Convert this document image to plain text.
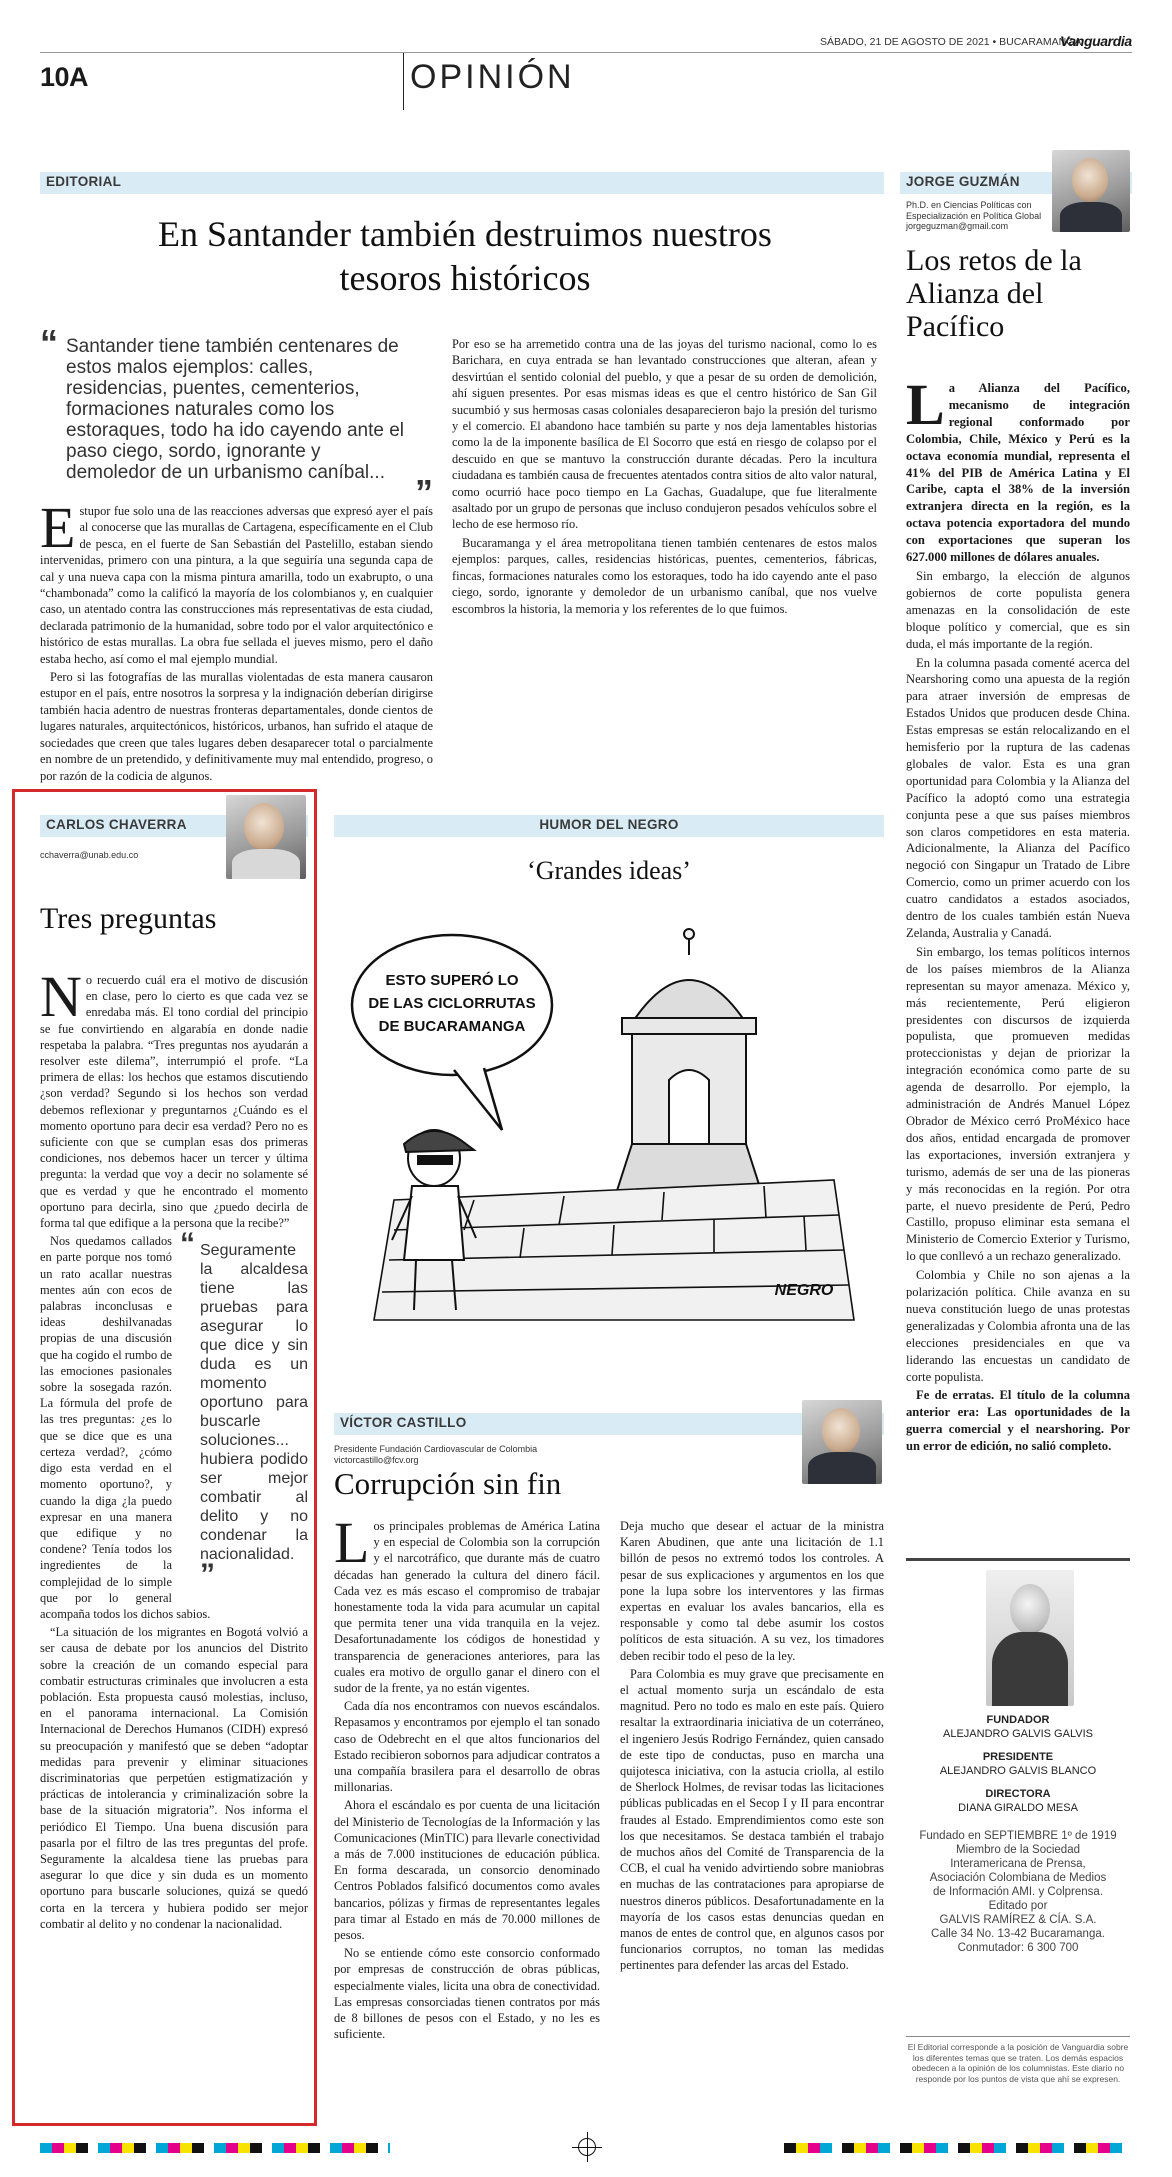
10A	OPINIÓN
SÁBADO, 21 DE AGOSTO DE 2021 • BUCARAMANGA
Vanguardia
EDITORIAL
En Santander también destruimos nuestros tesoros históricos
“ Santander tiene también centenares de estos malos ejemplos: calles, residencias, puentes, cementerios, formaciones naturales como los estoraques, todo ha ido cayendo ante el paso ciego, sordo, ignorante y demoledor de un urbanismo caníbal... ”

Estupor fue solo una de las reacciones adversas que expresó ayer el país al conocerse que las murallas de Cartagena, específicamente en el Club de pesca, en el fuerte de San Sebastián del Pastelillo, estaban siendo intervenidas, primero con una pintura, a la que seguiría una segunda capa de cal y una nueva capa con la misma pintura amarilla, todo un exabrupto, o una “chambonada” como la calificó la mayoría de los colombianos y, en cualquier caso, un atentado contra las construcciones más representativas de esta ciudad, declarada patrimonio de la humanidad, sobre todo por el valor arquitectónico e histórico de estas murallas. La obra fue sellada el jueves mismo, pero el daño estaba hecho, así como el mal ejemplo mundial.

Pero si las fotografías de las murallas violentadas de esta manera causaron estupor en el país, entre nosotros la sorpresa y la indignación deberían dirigirse también hacia adentro de nuestras fronteras departamentales, donde cientos de lugares naturales, arquitectónicos, históricos, urbanos, han sufrido el ataque de sociedades que creen que tales lugares deben desaparecer total o parcialmente en nombre de un pretendido, y definitivamente muy mal entendido, progreso, o por razón de la codicia de algunos.

Por eso se ha arremetido contra una de las joyas del turismo nacional, como lo es Barichara, en cuya entrada se han levantado construcciones que alteran, afean y desvirtúan el sentido colonial del pueblo, y que a pesar de su orden de demolición, ahí siguen presentes. Por esas mismas ideas es que el centro histórico de San Gil sucumbió y sus hermosas casas coloniales desaparecieron bajo la presión del turismo y el comercio. El abandono hace también su parte y nos deja lamentables historias como la de la imponente basílica de El Socorro que está en riesgo de colapso por el descuido en que se mantuvo la construcción durante décadas. Pero la incultura ciudadana es también causa de frecuentes atentados contra sitios de alto valor natural, como ocurrió hace poco tiempo en La Gachas, Guadalupe, que fue literalmente asaltado por un grupo de personas que incluso condujeron pesados vehículos sobre el lecho de ese hermoso río.

Bucaramanga y el área metropolitana tienen también centenares de estos malos ejemplos: parques, calles, residencias históricas, puentes, cementerios, fábricas, fincas, formaciones naturales como los estoraques, todo ha ido cayendo ante el paso ciego, sordo, ignorante y demoledor de un urbanismo caníbal, que nos vuelve escombros la historia, la memoria y los referentes de lo que fuimos.

JORGE GUZMÁN
Ph.D. en Ciencias Políticas con Especialización en Política Global
jorgeguzman@gmail.com
Los retos de la Alianza del Pacífico

La Alianza del Pacífico, mecanismo de integración regional conformado por Colombia, Chile, México y Perú es la octava economía mundial, representa el 41% del PIB de América Latina y El Caribe, capta el 38% de la inversión extranjera directa en la región, es la octava potencia exportadora del mundo con exportaciones que superan los 627.000 millones de dólares anuales.

Sin embargo, la elección de algunos gobiernos de corte populista genera amenazas en la consolidación de este bloque político y comercial, que es sin duda, el más importante de la región.

En la columna pasada comenté acerca del Nearshoring como una apuesta de la región para atraer inversión de empresas de Estados Unidos que producen desde China. Estas empresas se están relocalizando en el hemisferio por la ruptura de las cadenas globales de valor. Esta es una gran oportunidad para Colombia y la Alianza del Pacífico la adoptó como una estrategia conjunta pese a que sus países miembros son claros competidores en esta materia. Adicionalmente, la Alianza del Pacífico negoció con Singapur un Tratado de Libre Comercio, como un primer acuerdo con los cuatro candidatos a estados asociados, dentro de los cuales también están Nueva Zelanda, Australia y Canadá.

Sin embargo, los temas políticos internos de los países miembros de la Alianza representan su mayor amenaza. México y, más recientemente, Perú eligieron presidentes con discursos de izquierda populista, que promueven medidas proteccionistas y dejan de priorizar la integración económica como parte de su agenda de desarrollo. Por ejemplo, la administración de Andrés Manuel López Obrador de México cerró ProMéxico hace dos años, entidad encargada de promover las exportaciones, inversión extranjera y turismo, además de ser una de las pioneras y más reconocidas en la región. Por otra parte, el nuevo presidente de Perú, Pedro Castillo, propuso eliminar esta semana el Ministerio de Comercio Exterior y Turismo, lo que conllevó a un rechazo generalizado.

Colombia y Chile no son ajenas a la polarización política. Chile avanza en su nueva constitución luego de unas protestas generalizadas y Colombia afronta una de las elecciones presidenciales en que va liderando las encuestas un candidato de corte populista.

Fe de erratas. El título de la columna anterior era: Las oportunidades de la guerra comercial y el nearshoring. Por un error de edición, no salió completo.

CARLOS CHAVERRA
cchaverra@unab.edu.co
Tres preguntas

No recuerdo cuál era el motivo de discusión en clase, pero lo cierto es que cada vez se enredaba más. El tono cordial del principio se fue convirtiendo en algarabía en donde nadie respetaba la palabra. “Tres preguntas nos ayudarán a resolver este dilema”, interrumpió el profe. “La primera de ellas: los hechos que estamos discutiendo ¿son verdad? Segundo si los hechos son verdad debemos reflexionar y preguntarnos ¿Cuándo es el momento oportuno para decir esa verdad? Pero no es suficiente con que se cumplan esas dos primeras condiciones, nos debemos hacer un tercer y última pregunta: la verdad que voy a decir no solamente sé que es verdad y que he encontrado el momento oportuno para decirla, sino que ¿puedo decirla de forma tal que edifique a la persona que la recibe?”

“ Seguramente la alcaldesa tiene las pruebas para asegurar lo que dice y sin duda es un momento oportuno para buscarle soluciones... hubiera podido ser mejor combatir al delito y no condenar la nacionalidad. ”

Nos quedamos callados en parte porque nos tomó un rato acallar nuestras mentes aún con ecos de palabras inconclusas e ideas deshilvanadas propias de una discusión que ha cogido el rumbo de las emociones pasionales sobre la sosegada razón. La fórmula del profe de las tres preguntas: ¿es lo que se dice que es una certeza verdad?, ¿cómo digo esta verdad en el momento oportuno?, y cuando la diga ¿la puedo expresar en una manera que edifique y no condene? Tenía todos los ingredientes de la complejidad de lo simple que por lo general acompaña todos los dichos sabios.

“La situación de los migrantes en Bogotá volvió a ser causa de debate por los anuncios del Distrito sobre la creación de un comando especial para combatir estructuras criminales que involucren a esta población. Esta propuesta causó molestias, incluso, en el panorama internacional. La Comisión Internacional de Derechos Humanos (CIDH) expresó su preocupación y manifestó que se deben “adoptar medidas para prevenir y eliminar situaciones discriminatorias que perpetúen estigmatización y prácticas de intolerancia y criminalización sobre la base de la situación migratoria”. Nos informa el periódico El Tiempo. Una buena discusión para pasarla por el filtro de las tres preguntas del profe. Seguramente la alcaldesa tiene las pruebas para asegurar lo que dice y sin duda es un momento oportuno para buscarle soluciones, quizá se quedó corta en la tercera y hubiera podido ser mejor combatir al delito y no condenar la nacionalidad.

HUMOR DEL NEGRO
‘Grandes ideas’
ESTO SUPERÓ LO
DE LAS CICLORRUTAS
DE BUCARAMANGA
NEGRO
VÍCTOR CASTILLO
Presidente Fundación Cardiovascular de Colombia
victorcastillo@fcv.org
Corrupción sin fin

Los principales problemas de América Latina y en especial de Colombia son la corrupción y el narcotráfico, que durante más de cuatro décadas han generado la cultura del dinero fácil. Cada vez es más escaso el compromiso de trabajar honestamente toda la vida para acumular un capital que permita tener una vida tranquila en la vejez. Desafortunadamente los códigos de honestidad y transparencia de generaciones anteriores, para las cuales era motivo de orgullo ganar el dinero con el sudor de la frente, ya no están vigentes.

Cada día nos encontramos con nuevos escándalos. Repasamos y encontramos por ejemplo el tan sonado caso de Odebrecht en el que altos funcionarios del Estado recibieron sobornos para adjudicar contratos a una compañía brasilera para el desarrollo de obras millonarias.

Ahora el escándalo es por cuenta de una licitación del Ministerio de Tecnologías de la Información y las Comunicaciones (MinTIC) para llevarle conectividad a más de 7.000 instituciones de educación pública. En forma descarada, un consorcio denominado Centros Poblados falsificó documentos como avales bancarios, pólizas y firmas de representantes legales para timar al Estado en más de 70.000 millones de pesos.

No se entiende cómo este consorcio conformado por empresas de construcción de obras públicas, especialmente viales, licita una obra de conectividad. Las empresas consorciadas tienen contratos por más de 8 billones de pesos con el Estado, y no les es suficiente.

Deja mucho que desear el actuar de la ministra Karen Abudinen, que ante una licitación de 1.1 billón de pesos no extremó todos los controles. A pesar de sus explicaciones y argumentos en los que pone la lupa sobre los interventores y las firmas expertas en evaluar los avales bancarios, ella es responsable y como tal debe asumir los costos políticos de esta situación. A su vez, los timadores deben recibir todo el peso de la ley.

Para Colombia es muy grave que precisamente en el actual momento surja un escándalo de esta magnitud. Pero no todo es malo en este país. Quiero resaltar la extraordinaria iniciativa de un coterráneo, el ingeniero Jesús Rodrigo Fernández, quien cansado de este tipo de conductas, puso en marcha una quijotesca iniciativa, con la astucia criolla, al estilo de Sherlock Holmes, de revisar todas las licitaciones públicas publicadas en el Secop I y II para encontrar fraudes al Estado. Emprendimientos como este son los que necesitamos. Se destaca también el trabajo de muchos años del Comité de Transparencia de la CCB, el cual ha venido advirtiendo sobre maniobras en muchas de las contrataciones para apropiarse de nuestros dineros públicos. Desafortunadamente en la mayoría de los casos estas denuncias quedan en manos de entes de control que, en algunos casos por funcionarios corruptos, no toman las medidas pertinentes para defender las arcas del Estado.

FUNDADOR
ALEJANDRO GALVIS GALVIS
PRESIDENTE
ALEJANDRO GALVIS BLANCO
DIRECTORA
DIANA GIRALDO MESA
Fundado en SEPTIEMBRE 1º de 1919
Miembro de la Sociedad
Interamericana de Prensa,
Asociación Colombiana de Medios
de Información AMI. y Colprensa.
Editado por
GALVIS RAMÍREZ & CÍA. S.A.
Calle 34 No. 13-42 Bucaramanga.
Conmutador: 6 300 700
El Editorial corresponde a la posición de Vanguardia sobre los diferentes temas que se traten. Los demás espacios obedecen a la opinión de los columnistas. Este diario no responde por los puntos de vista que ahí se expresen.
